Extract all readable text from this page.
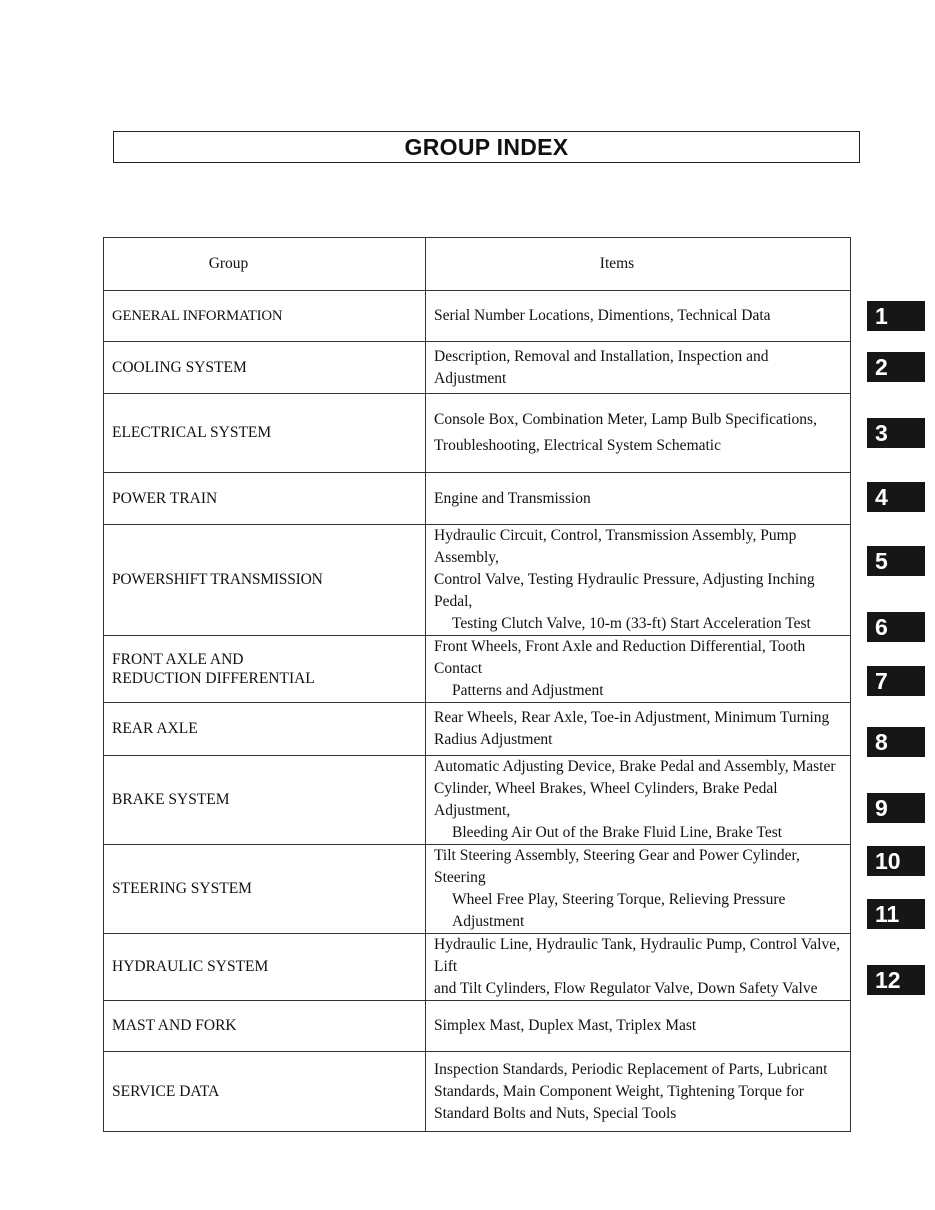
GROUP INDEX
Group	Items
GENERAL INFORMATION	Serial Number Locations, Dimentions, Technical Data
COOLING SYSTEM	Description, Removal and Installation, Inspection and Adjustment
ELECTRICAL SYSTEM	Console Box, Combination Meter, Lamp Bulb Specifications,
Troubleshooting, Electrical System Schematic

POWER TRAIN	Engine and Transmission
POWERSHIFT TRANSMISSION	Hydraulic Circuit, Control, Transmission Assembly, Pump Assembly,
Control Valve, Testing Hydraulic Pressure, Adjusting Inching Pedal,
Testing Clutch Valve, 10-m (33-ft) Start Acceleration Test

FRONT AXLE AND
REDUCTION DIFFERENTIAL	Front Wheels, Front Axle and Reduction Differential, Tooth Contact
Patterns and Adjustment

REAR AXLE	Rear Wheels, Rear Axle, Toe-in Adjustment, Minimum Turning
Radius Adjustment

BRAKE SYSTEM	Automatic Adjusting Device, Brake Pedal and Assembly, Master
Cylinder, Wheel Brakes, Wheel Cylinders, Brake Pedal Adjustment,
Bleeding Air Out of the Brake Fluid Line, Brake Test

STEERING SYSTEM	Tilt Steering Assembly, Steering Gear and Power Cylinder, Steering
Wheel Free Play, Steering Torque, Relieving Pressure Adjustment

HYDRAULIC SYSTEM	Hydraulic Line, Hydraulic Tank, Hydraulic Pump, Control Valve, Lift
and Tilt Cylinders, Flow Regulator Valve, Down Safety Valve

MAST AND FORK	Simplex Mast, Duplex Mast, Triplex Mast
SERVICE DATA	Inspection Standards, Periodic Replacement of Parts, Lubricant
Standards, Main Component Weight, Tightening Torque for
Standard Bolts and Nuts, Special Tools
1
2
3
4
5
6
7
8
9
10
11
12
